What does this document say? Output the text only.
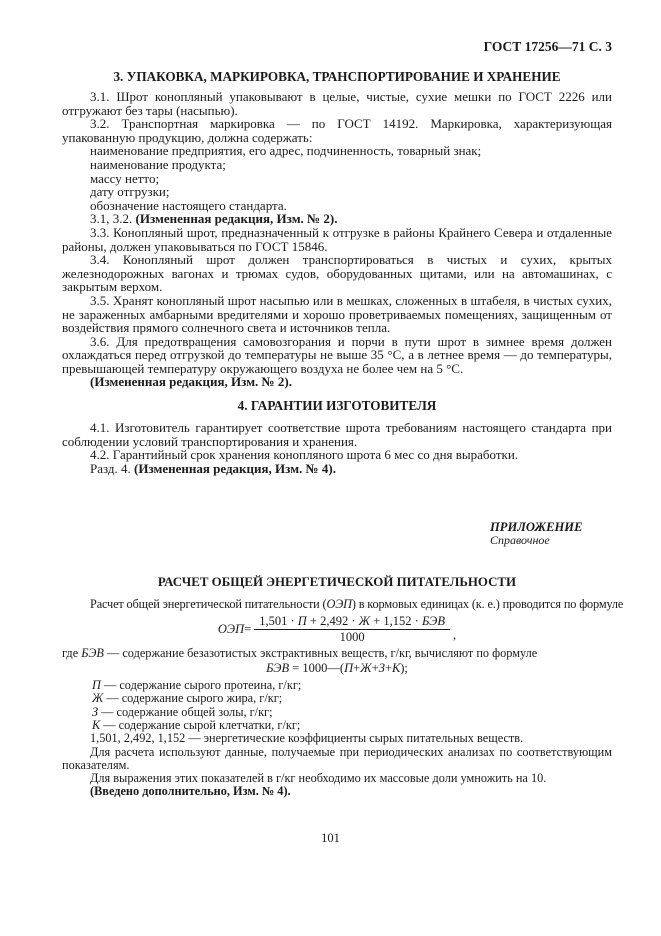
ГОСТ 17256—71 С. 3
3. УПАКОВКА, МАРКИРОВКА, ТРАНСПОРТИРОВАНИЕ И ХРАНЕНИЕ

3.1. Шрот конопляный упаковывают в целые, чистые, сухие мешки по ГОСТ 2226 или отгружают без тары (насыпью).

3.2. Транспортная маркировка — по ГОСТ 14192. Маркировка, характеризующая упакованную продукцию, должна содержать:

наименование предприятия, его адрес, подчиненность, товарный знак;
наименование продукта;
массу нетто;
дату отгрузки;
обозначение настоящего стандарта.

3.1, 3.2. (Измененная редакция, Изм. № 2).

3.3. Конопляный шрот, предназначенный к отгрузке в районы Крайнего Севера и отдаленные районы, должен упаковываться по ГОСТ 15846.

3.4. Конопляный шрот должен транспортироваться в чистых и сухих, крытых железнодорожных вагонах и трюмах судов, оборудованных щитами, или на автомашинах, с закрытым верхом.

3.5. Хранят конопляный шрот насыпью или в мешках, сложенных в штабеля, в чистых сухих, не зараженных амбарными вредителями и хорошо проветриваемых помещениях, защищенным от воздействия прямого солнечного света и источников тепла.

3.6. Для предотвращения самовозгорания и порчи в пути шрот в зимнее время должен охлаждаться перед отгрузкой до температуры не выше 35 °С, а в летнее время — до температуры, превышающей температуру окружающего воздуха не более чем на 5 °С.

(Измененная редакция, Изм. № 2).

4. ГАРАНТИИ ИЗГОТОВИТЕЛЯ

4.1. Изготовитель гарантирует соответствие шрота требованиям настоящего стандарта при соблюдении условий транспортирования и хранения.

4.2. Гарантийный срок хранения конопляного шрота 6 мес со дня выработки.

Разд. 4. (Измененная редакция, Изм. № 4).

ПРИЛОЖЕНИЕ
Справочное
РАСЧЕТ ОБЩЕЙ ЭНЕРГЕТИЧЕСКОЙ ПИТАТЕЛЬНОСТИ

Расчет общей энергетической питательности (ОЭП) в кормовых единицах (к. е.) проводится по формуле

ОЭП = $\frac{\text{1,501 · П + 2,492 · Ж + 1,152 · БЭВ}}{1000}$ ,
где БЭВ — содержание безазотистых экстрактивных веществ, г/кг, вычисляют по формуле
БЭВ = 1000—(П+Ж+З+К);
П — содержание сырого протеина, г/кг;
Ж — содержание сырого жира, г/кг;
З — содержание общей золы, г/кг;
К — содержание сырой клетчатки, г/кг;
1,501, 2,492, 1,152 — энергетические коэффициенты сырых питательных веществ.

Для расчета используют данные, получаемые при периодических анализах по соответствующим показателям.

Для выражения этих показателей в г/кг необходимо их массовые доли умножить на 10.

(Введено дополнительно, Изм. № 4).

101
